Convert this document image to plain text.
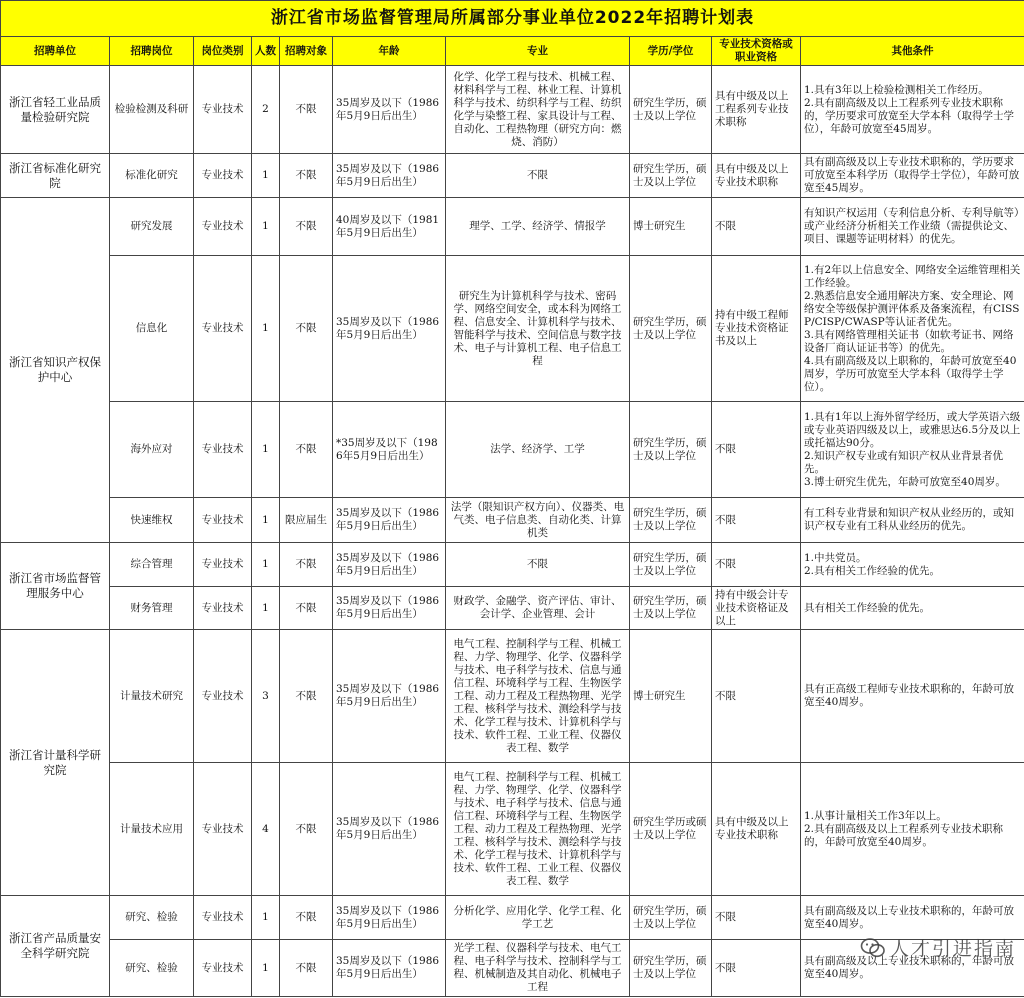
浙江省市场监督管理局所属部分事业单位2022年招聘计划表									
招聘单位	招聘岗位	岗位类别	人数	招聘对象	年龄	专业	学历/学位	专业技术资格或职业资格	其他条件
浙江省轻工业品质量检验研究院	检验检测及科研	专业技术	2	不限	35周岁及以下（1986年5月9日后出生）	化学、化学工程与技术、机械工程、材料科学与工程、林业工程、计算机科学与技术、纺织科学与工程、纺织化学与染整工程、家具设计与工程、自动化、工程热物理（研究方向：燃烧、消防）	研究生学历，硕士及以上学位	具有中级及以上工程系列专业技术职称	1.具有3年以上检验检测相关工作经历。
2.具有副高级及以上工程系列专业技术职称的，学历要求可放宽至大学本科（取得学士学位），年龄可放宽至45周岁。
浙江省标准化研究院	标准化研究	专业技术	1	不限	35周岁及以下（1986年5月9日后出生）	不限	研究生学历，硕士及以上学位	具有中级及以上专业技术职称	具有副高级及以上专业技术职称的，学历要求可放宽至本科学历（取得学士学位），年龄可放宽至45周岁。
浙江省知识产权保护中心	研究发展	专业技术	1	不限	40周岁及以下（1981年5月9日后出生）	理学、工学、经济学、情报学	博士研究生	不限	有知识产权运用（专利信息分析、专利导航等）或产业经济分析相关工作业绩（需提供论文、项目、课题等证明材料）的优先。
	信息化	专业技术	1	不限	35周岁及以下（1986年5月9日后出生）	研究生为计算机科学与技术、密码学、网络空间安全，或本科为网络工程、信息安全、计算机科学与技术、智能科学与技术、空间信息与数字技术、电子与计算机工程、电子信息工程	研究生学历，硕士及以上学位	持有中级工程师专业技术资格证书及以上	1.有2年以上信息安全、网络安全运维管理相关工作经验。
2.熟悉信息安全通用解决方案、安全理论、网络安全等级保护测评体系及备案流程，有CISSP/CISP/CWASP等认证者优先。
3.具有网络管理相关证书（如软考证书、网络设备厂商认证证书等）的优先。
4.具有副高级及以上职称的，年龄可放宽至40周岁，学历可放宽至大学本科（取得学士学位）。
	海外应对	专业技术	1	不限	*35周岁及以下（1986年5月9日后出生）	法学、经济学、工学	研究生学历，硕士及以上学位	不限	1.具有1年以上海外留学经历，或大学英语六级或专业英语四级及以上，或雅思达6.5分及以上或托福达90分。
2.知识产权专业或有知识产权从业背景者优先。
3.博士研究生优先，年龄可放宽至40周岁。
	快速维权	专业技术	1	限应届生	35周岁及以下（1986年5月9日后出生）	法学（限知识产权方向）、仪器类、电气类、电子信息类、自动化类、计算机类	研究生学历，硕士及以上学位	不限	有工科专业背景和知识产权从业经历的，或知识产权专业有工科从业经历的优先。
浙江省市场监督管理服务中心	综合管理	专业技术	1	不限	35周岁及以下（1986年5月9日后出生）	不限	研究生学历，硕士及以上学位	不限	1.中共党员。
2.具有相关工作经验的优先。
	财务管理	专业技术	1	不限	35周岁及以下（1986年5月9日后出生）	财政学、金融学、资产评估、审计、会计学、企业管理、会计	研究生学历，硕士及以上学位	持有中级会计专业技术资格证及以上	具有相关工作经验的优先。
浙江省计量科学研究院	计量技术研究	专业技术	3	不限	35周岁及以下（1986年5月9日后出生）	电气工程、控制科学与工程、机械工程、力学、物理学、化学、仪器科学与技术、电子科学与技术、信息与通信工程、环境科学与工程、生物医学工程、动力工程及工程热物理、光学工程、核科学与技术、测绘科学与技术、化学工程与技术、计算机科学与技术、软件工程、工业工程、仪器仪表工程、数学	博士研究生	不限	具有正高级工程师专业技术职称的，年龄可放宽至40周岁。
	计量技术应用	专业技术	4	不限	35周岁及以下（1986年5月9日后出生）	电气工程、控制科学与工程、机械工程、力学、物理学、化学、仪器科学与技术、电子科学与技术、信息与通信工程、环境科学与工程、生物医学工程、动力工程及工程热物理、光学工程、核科学与技术、测绘科学与技术、化学工程与技术、计算机科学与技术、软件工程、工业工程、仪器仪表工程、数学	研究生学历或硕士及以上学位	具有中级及以上专业技术职称	1.从事计量相关工作3年以上。
2.具有副高级及以上工程系列专业技术职称的，年龄可放宽至40周岁。
浙江省产品质量安全科学研究院	研究、检验	专业技术	1	不限	35周岁及以下（1986年5月9日后出生）	分析化学、应用化学、化学工程、化学工艺	研究生学历，硕士及以上学位	不限	具有副高级及以上专业技术职称的，年龄可放宽至40周岁。
	研究、检验	专业技术	1	不限	35周岁及以下（1986年5月9日后出生）	光学工程、仪器科学与技术、电气工程、电子科学与技术、控制科学与工程、机械制造及其自动化、机械电子工程	研究生学历，硕士及以上学位	不限	具有副高级及以上专业技术职称的，年龄可放宽至40周岁。
人才引进指南
